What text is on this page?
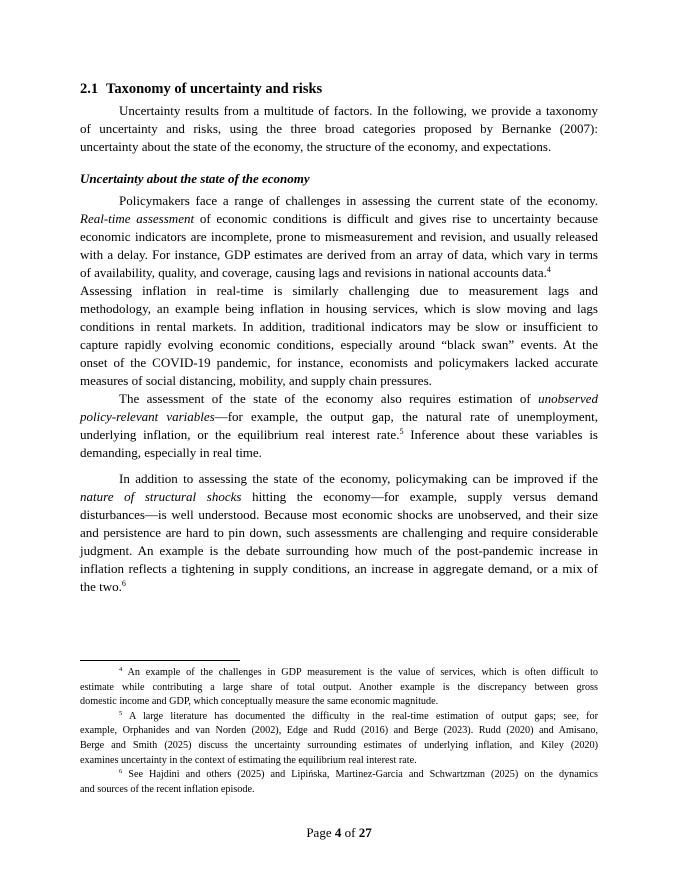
2.1 Taxonomy of uncertainty and risks
Uncertainty results from a multitude of factors. In the following, we provide a taxonomy
of uncertainty and risks, using the three broad categories proposed by Bernanke (2007):
uncertainty about the state of the economy, the structure of the economy, and expectations.
Uncertainty about the state of the economy
Policymakers face a range of challenges in assessing the current state of the economy.
Real-time assessment of economic conditions is difficult and gives rise to uncertainty because
economic indicators are incomplete, prone to mismeasurement and revision, and usually released
with a delay. For instance, GDP estimates are derived from an array of data, which vary in terms
of availability, quality, and coverage, causing lags and revisions in national accounts data.$^4$
Assessing inflation in real-time is similarly challenging due to measurement lags and
methodology, an example being inflation in housing services, which is slow moving and lags
conditions in rental markets. In addition, traditional indicators may be slow or insufficient to
capture rapidly evolving economic conditions, especially around “black swan” events. At the
onset of the COVID-19 pandemic, for instance, economists and policymakers lacked accurate
measures of social distancing, mobility, and supply chain pressures.
The assessment of the state of the economy also requires estimation of unobserved
policy-relevant variables—for example, the output gap, the natural rate of unemployment,
underlying inflation, or the equilibrium real interest rate.$^5$ Inference about these variables is
demanding, especially in real time.
In addition to assessing the state of the economy, policymaking can be improved if the
nature of structural shocks hitting the economy—for example, supply versus demand
disturbances—is well understood. Because most economic shocks are unobserved, and their size
and persistence are hard to pin down, such assessments are challenging and require considerable
judgment. An example is the debate surrounding how much of the post-pandemic increase in
inflation reflects a tightening in supply conditions, an increase in aggregate demand, or a mix of
the two.$^6$
$^4$ An example of the challenges in GDP measurement is the value of services, which is often difficult to
estimate while contributing a large share of total output. Another example is the discrepancy between gross
domestic income and GDP, which conceptually measure the same economic magnitude.
$^5$ A large literature has documented the difficulty in the real-time estimation of output gaps; see, for
example, Orphanides and van Norden (2002), Edge and Rudd (2016) and Berge (2023). Rudd (2020) and Amisano,
Berge and Smith (2025) discuss the uncertainty surrounding estimates of underlying inflation, and Kiley (2020)
examines uncertainty in the context of estimating the equilibrium real interest rate.
$^6$ See Hajdini and others (2025) and Lipińska, Martinez-Garcia and Schwartzman (2025) on the dynamics
and sources of the recent inflation episode.
Page 4 of 27
